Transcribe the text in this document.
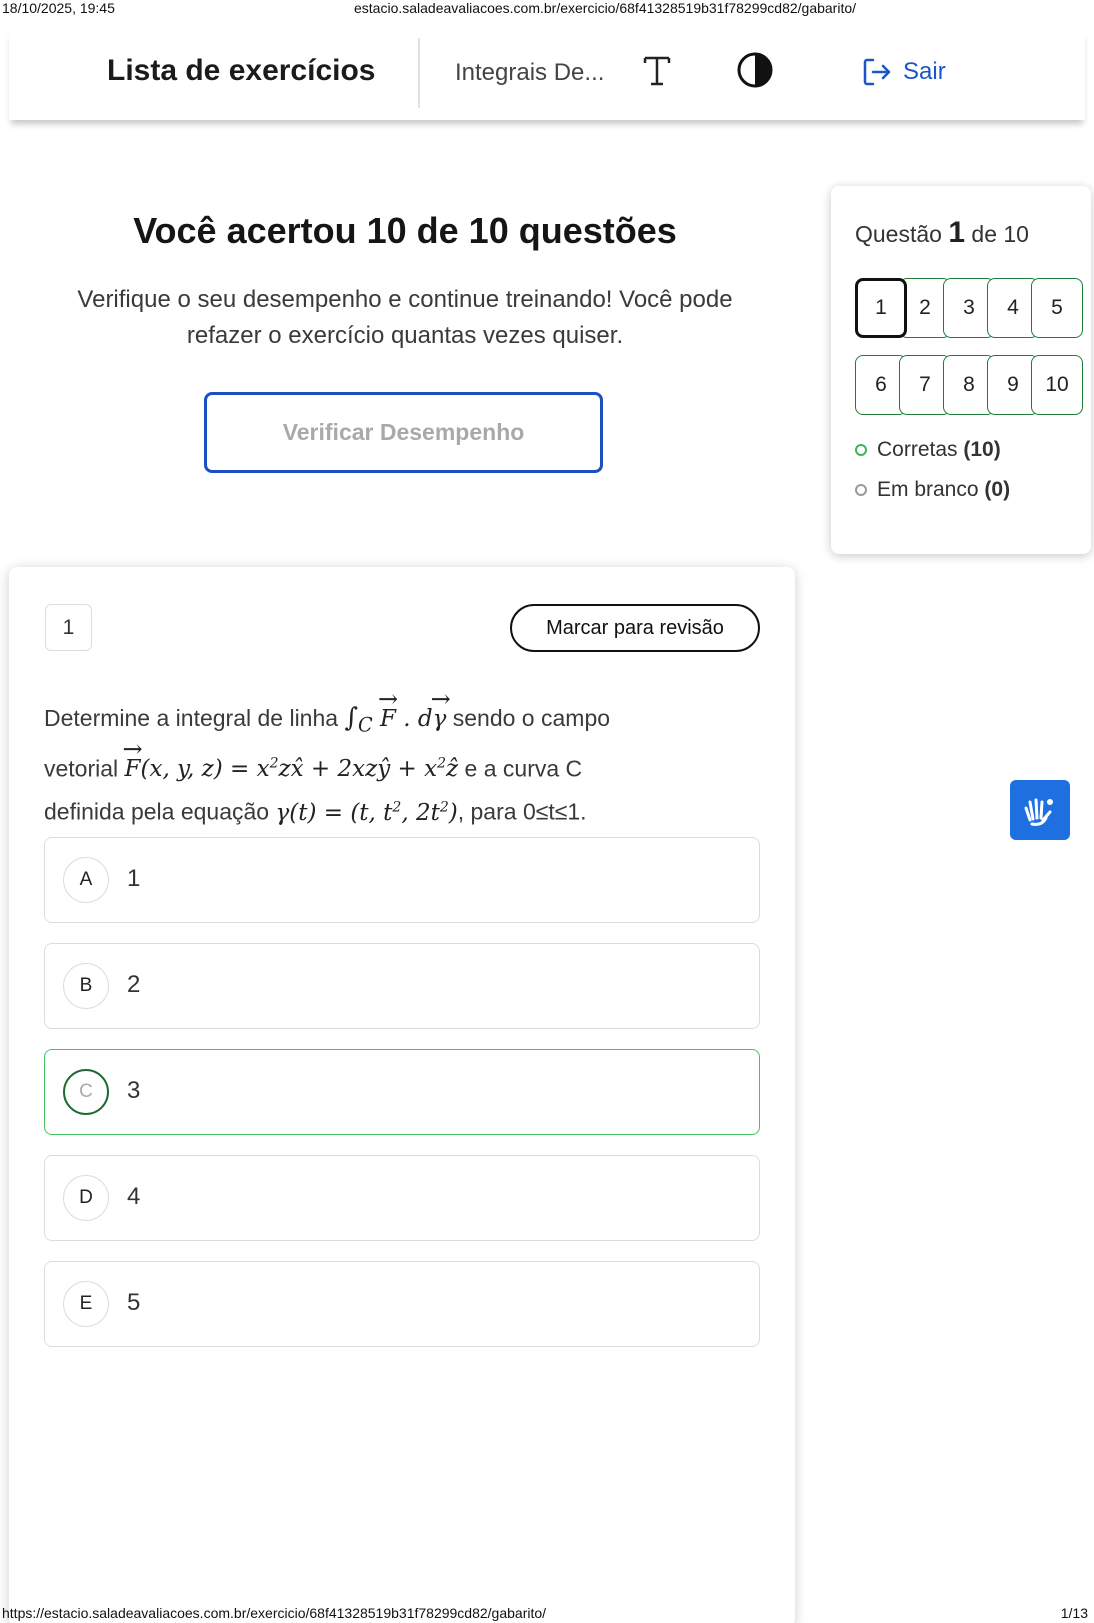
18/10/2025, 19:45	estacio.saladeavaliacoes.com.br/exercicio/68f41328519b31f78299cd82/gabarito/
Lista de exercícios	Integrais De...	Sair
Você acertou 10 de 10 questões

Verifique o seu desempenho e continue treinando! Você pode refazer o exercício quantas vezes quiser.

Verificar Desempenho
Questão 1 de 10
1	2	3	4	5
6	7	8	9	10
Corretas (10)
Em branco (0)
1	Marcar para revisão
Determine a integral de linha $\int_C \to F$ . d→ γ sendo o campo
vetorial → F(x, y, $z) = x^2zx̂$ + 2xzŷ + $x^2ẑ$ e a curva C
definida pela equação γ(t) = (t, $t^2$, $2t^2$), para 0≤t≤1.
A	1
B	2
C	3
D	4
E	5
https://estacio.saladeavaliacoes.com.br/exercicio/68f41328519b31f78299cd82/gabarito/	1/13
